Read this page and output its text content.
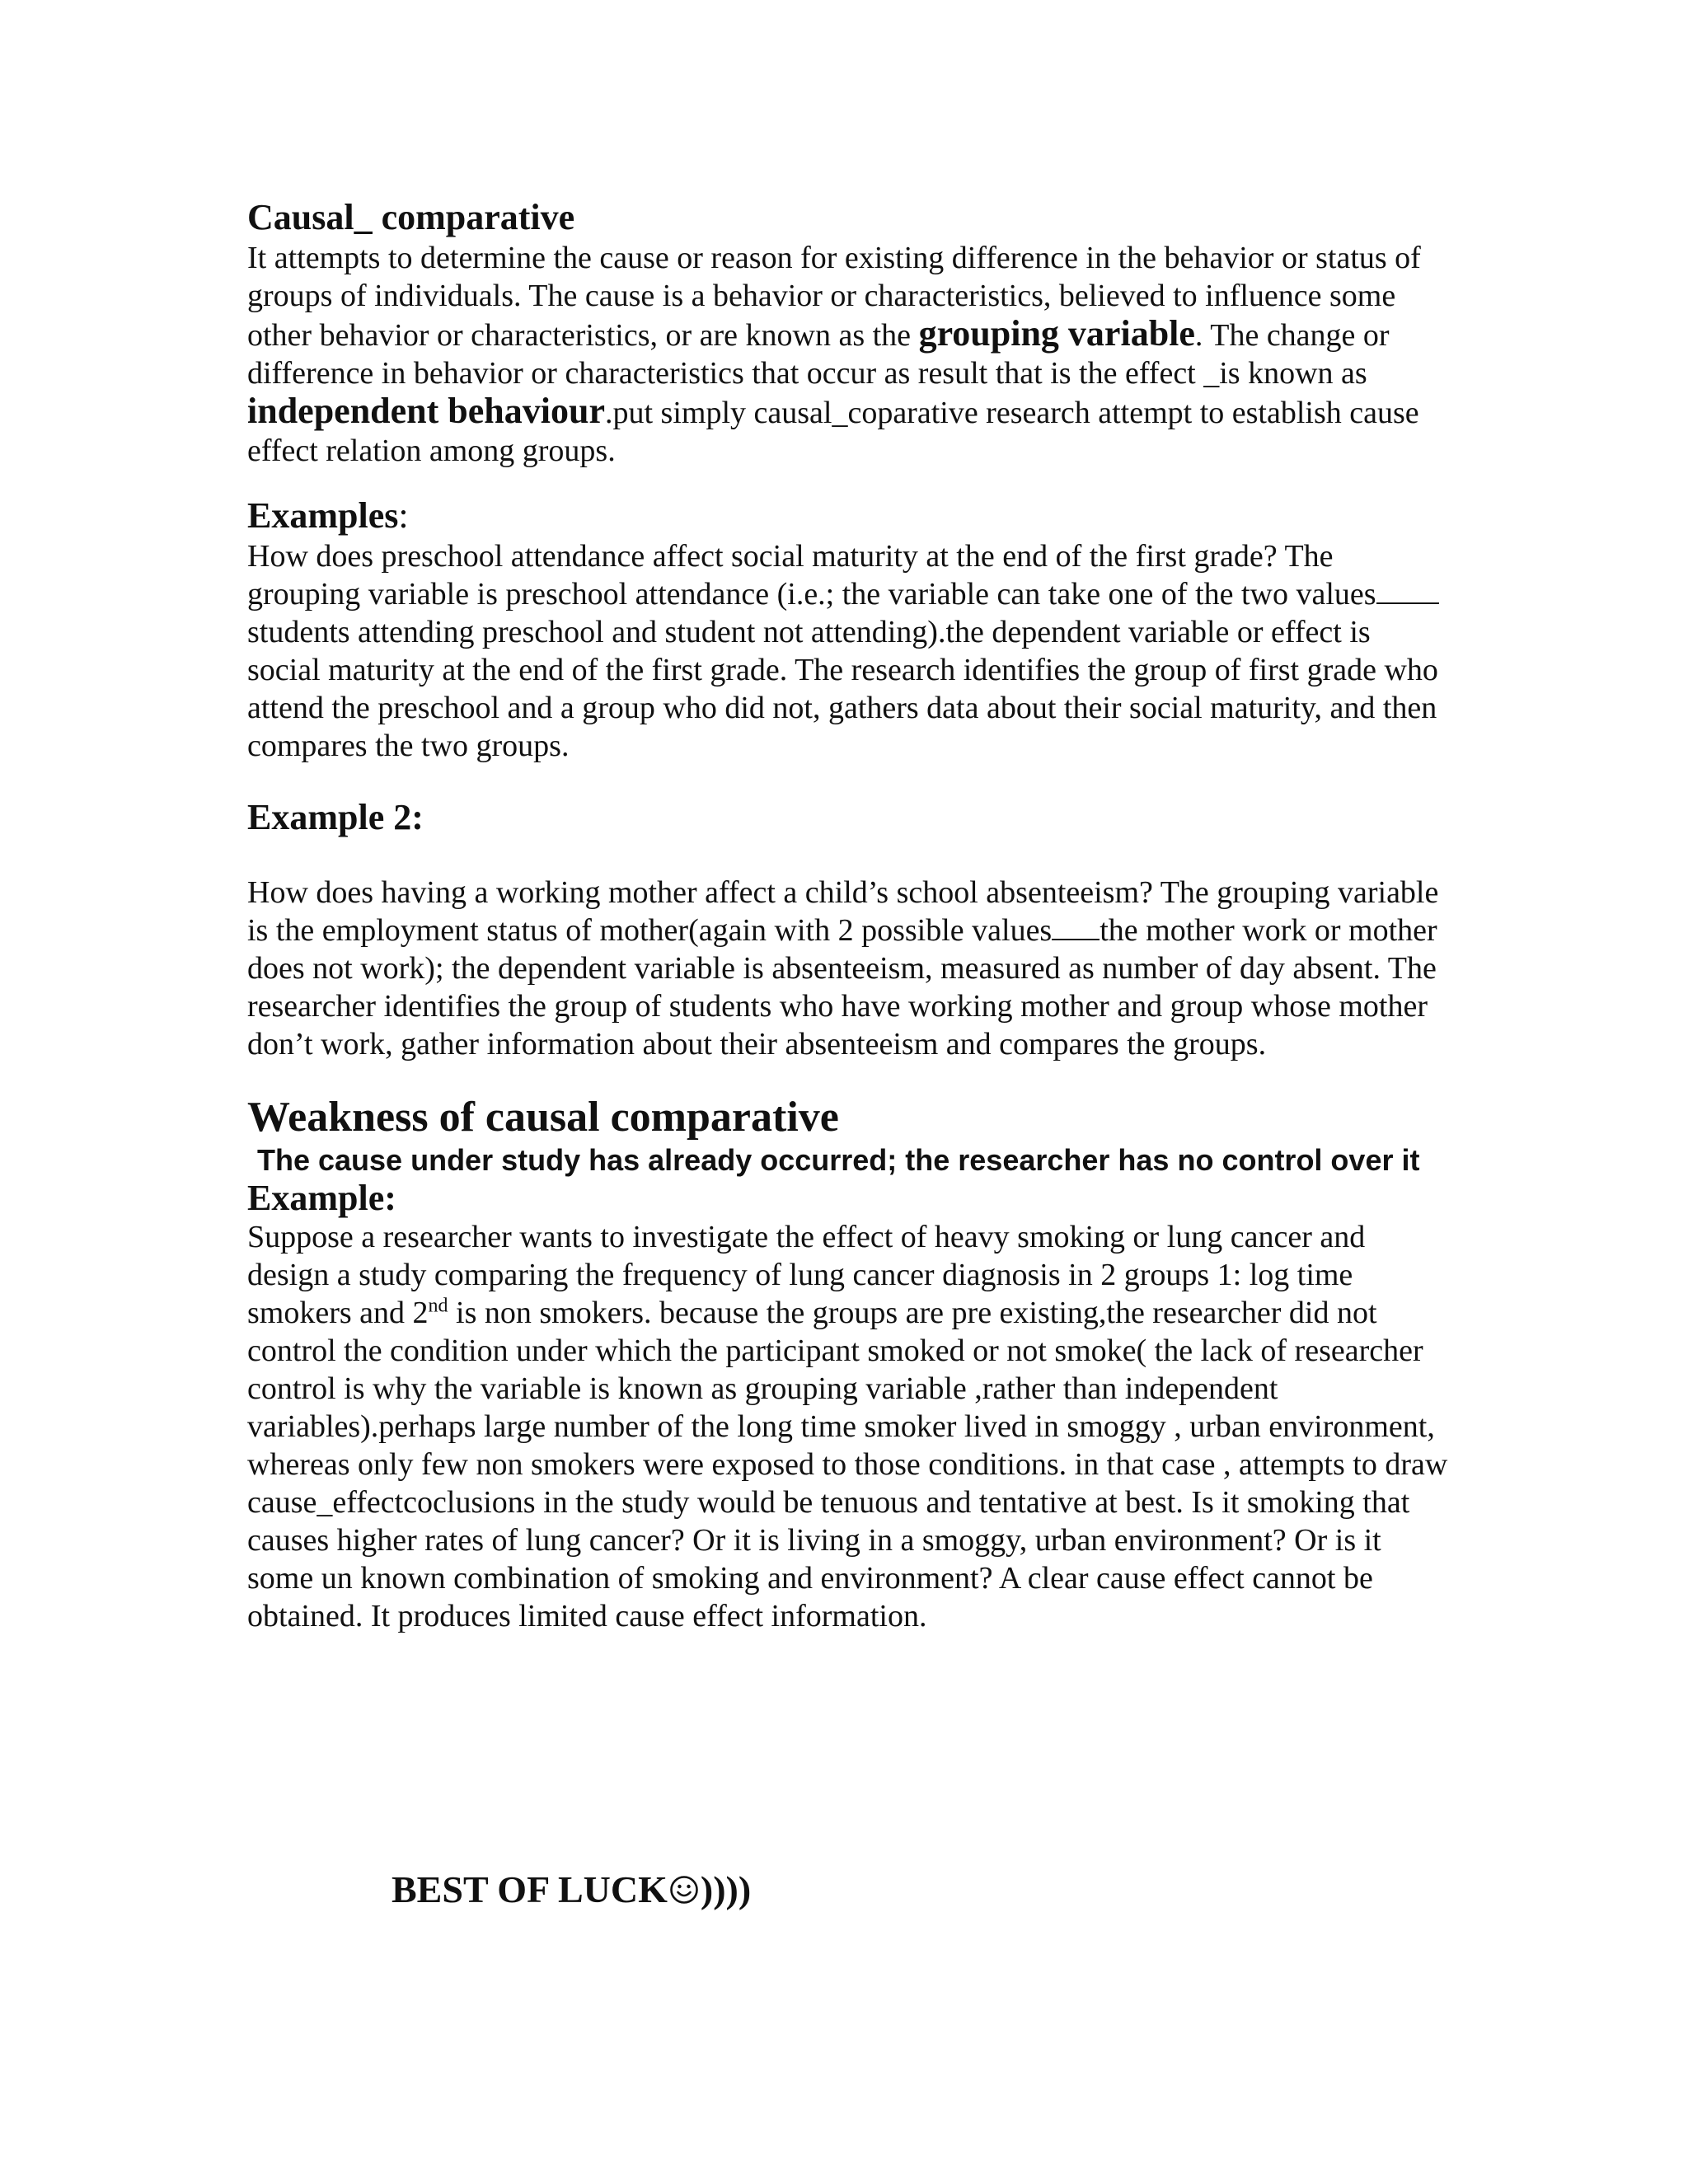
Causal_ comparative

It attempts to determine the cause or reason for existing difference in the behavior or status of groups of individuals. The cause is a behavior or characteristics, believed to influence some other behavior or characteristics, or are known as the grouping variable. The change or difference in behavior or characteristics that occur as result that is the effect _is known as independent behaviour.put simply causal_coparative research attempt to establish cause effect relation among groups.

Examples:

How does preschool attendance affect social maturity at the end of the first grade? The grouping variable is preschool attendance (i.e.; the variable can take one of the two valuesstudents attending preschool and student not attending).the dependent variable or effect is social maturity at the end of the first grade. The research identifies the group of first grade who attend the preschool and a group who did not, gathers data about their social maturity, and then compares the two groups.

Example 2:

How does having a working mother affect a child’s school absenteeism? The grouping variable is the employment status of mother(again with 2 possible values the mother work or mother does not work); the dependent variable is absenteeism, measured as number of day absent. The researcher identifies the group of students who have working mother and group whose mother don’t work, gather information about their absenteeism and compares the groups.

Weakness of causal comparative
The cause under study has already occurred; the researcher has no control over it
Example:

Suppose a researcher wants to investigate the effect of heavy smoking or lung cancer and design a study comparing the frequency of lung cancer diagnosis in 2 groups 1: log time smokers and 2nd is non smokers. because the groups are pre existing,the researcher did not control the condition under which the participant smoked or not smoke( the lack of researcher control is why the variable is known as grouping variable ,rather than independent variables).perhaps large number of the long time smoker lived in smoggy , urban environment, whereas only few non smokers were exposed to those conditions. in that case , attempts to draw cause_effectcoclusions in the study would be tenuous and tentative at best. Is it smoking that causes higher rates of lung cancer? Or it is living in a smoggy, urban environment? Or is it some un known combination of smoking and environment? A clear cause effect cannot be obtained. It produces limited cause effect information.

BEST OF LUCK ))))
